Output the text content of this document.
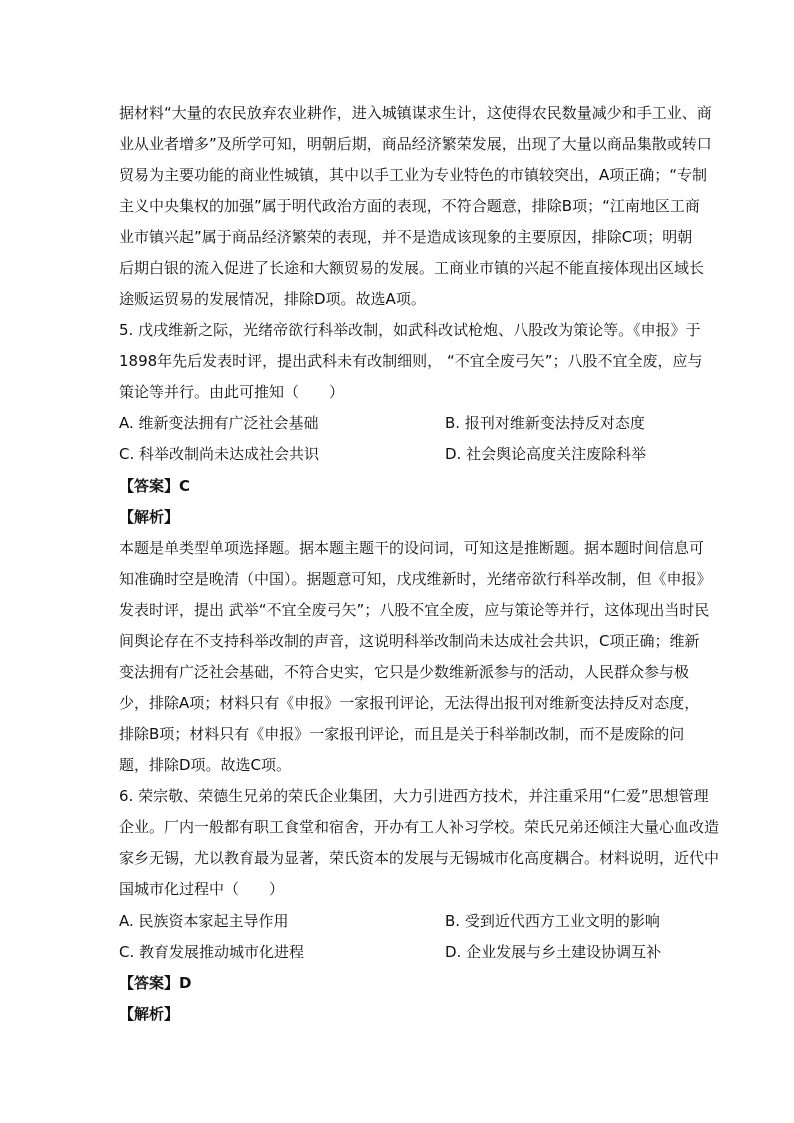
据材料“大量的农民放弃农业耕作，进入城镇谋求生计，这使得农民数量减少和手工业、商
业从业者增多”及所学可知，明朝后期，商品经济繁荣发展，出现了大量以商品集散或转口
贸易为主要功能的商业性城镇，其中以手工业为专业特色的市镇较突出，A项正确；“专制
主义中央集权的加强”属于明代政治方面的表现，不符合题意，排除B项；“江南地区工商
业市镇兴起”属于商品经济繁荣的表现，并不是造成该现象的主要原因，排除C项；明朝
后期白银的流入促进了长途和大额贸易的发展。工商业市镇的兴起不能直接体现出区域长
途贩运贸易的发展情况，排除D项。故选A项。
5. 戊戌维新之际，光绪帝欲行科举改制，如武科改试枪炮、八股改为策论等。《申报》于
1898年先后发表时评，提出武科未有改制细则， “不宜全废弓矢”；八股不宜全废，应与
策论等并行。由此可推知（　　）
A. 维新变法拥有广泛社会基础	B. 报刊对维新变法持反对态度
C. 科举改制尚未达成社会共识	D. 社会舆论高度关注废除科举
【答案】C
【解析】
本题是单类型单项选择题。据本题主题干的设问词，可知这是推断题。据本题时间信息可
知准确时空是晚清（中国）。据题意可知，戊戌维新时，光绪帝欲行科举改制，但《申报》
发表时评，提出 武举“不宜全废弓矢”；八股不宜全废，应与策论等并行，这体现出当时民
间舆论存在不支持科举改制的声音，这说明科举改制尚未达成社会共识，C项正确；维新
变法拥有广泛社会基础，不符合史实，它只是少数维新派参与的活动，人民群众参与极
少，排除A项；材料只有《申报》一家报刊评论，无法得出报刊对维新变法持反对态度，
排除B项；材料只有《申报》一家报刊评论，而且是关于科举制改制，而不是废除的问
题，排除D项。故选C项。
6. 荣宗敬、荣德生兄弟的荣氏企业集团，大力引进西方技术，并注重采用“仁爱”思想管理
企业。厂内一般都有职工食堂和宿舍，开办有工人补习学校。荣氏兄弟还倾注大量心血改造
家乡无锡，尤以教育最为显著，荣氏资本的发展与无锡城市化高度耦合。材料说明，近代中
国城市化过程中（　　）
A. 民族资本家起主导作用	B. 受到近代西方工业文明的影响
C. 教育发展推动城市化进程	D. 企业发展与乡土建设协调互补
【答案】D
【解析】
